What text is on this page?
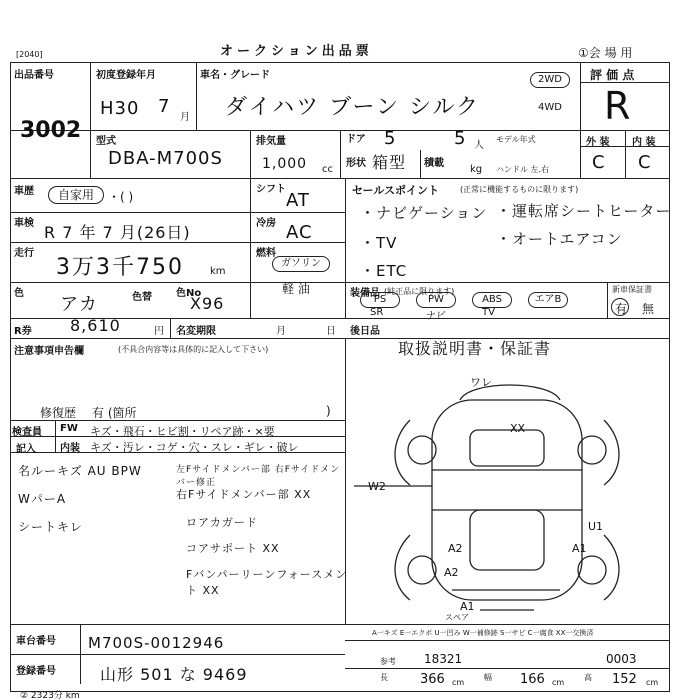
[2040]	オークション出品票	①会 場 用
出品番号
3002
初度登録年月
H30 7
月
車名・グレード
ダイハツ ブーン シルク
2WD
4WD
評 価 点
R
型式
DBA-M700S
排気量
1,000 cc
ドア 5	5 人
形状 箱型 積載
kg
モデル年式
ハンドル 左.右
外 装 内 装
C C
車歴	自家用	・( )
シフト
AT
車検 R 7 年 7 月(26日)	冷房 AC
走行
3万3千750	km
燃料
ガソリン
軽 油
色
アカ	色替 色No
X96
セールスポイント	(正常に機能するものに限ります)
・ナビゲーション ・運転席シートヒーター
・TV	・オートエアコン
・ETC
装備品 (純正品に限ります)
PS
SR
PW
ナビ
ABS
TV
エアB
新車保証書
有 無
R券 8,610	円 名変期限	月	日 後日品
取扱説明書・保証書
注意事項申告欄	(不具合内容等は具体的に記入して下さい)
修復歴 有 (箇所	)
検査員
記入
FW キズ・飛石・ヒビ割・リペア跡・×要
内装 キズ・汚レ・コゲ・穴・スレ・ギレ・破レ
名ルーキズ AU BPW
WパーA
シートキレ
左Fサイドメンバー部 右Fサイドメンバー修正
右Fサイドメンバー部 XX
ロアカガード
コアサポート XX
Fバンパーリーンフォースメント XX
ワレ
XX
W2
U1
A2	A1
A2
A1
スペア
A一キズ E一エクボ U一凹み W一補修跡 S一サビ C一腐食 XX一交換済
車台番号 M700S-0012946
登録番号	山形 501 な 9469
② 2323分 km
参考 18321	0003
長 366 cm
幅 166 cm
高 152 cm
